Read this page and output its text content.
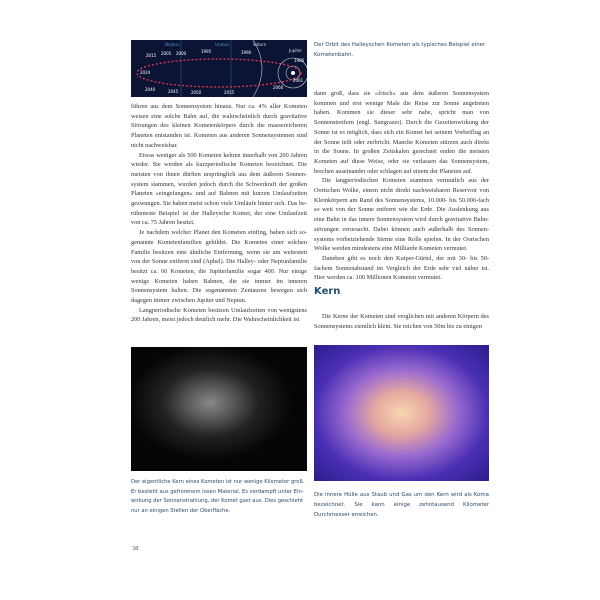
Neptun	Uranus	Saturn
Jupiter
2015 2005 2000	1995	1990
1986
2024
2040	2045	2050	2055
2060
2061
Der Orbit des Halleyschen Kometen als typisches Beispiel einer Kometenbahn.

führen aus dem Sonnensystem hinaus. Nur ca. 4% aller Kometen weisen eine solche Bahn auf, die wahrscheinlich durch gravitative Störungen des kleinen Kometenkörpers durch die massereicheren Planeten entstanden ist. Kometen aus anderen Sonnensystemen sind nicht nachweisbar.

Etwas weniger als 500 Kometen kehren innerhalb von 200 Jahren wieder. Sie werden als kurzperiodische Kometen bezeichnet. Die meisten von ihnen dürften ursprünglich aus dem äußeren Sonnensystem stammen, wurden jedoch durch die Schwerkraft der großen Planeten »eingefangen« und auf Bahnen mit kurzen Umlaufzeiten gezwungen. Sie haben meist schon viele Umläufe hinter sich. Das berühmteste Beispiel ist der Halleysche Komet, der eine Umlaufzeit von ca. 75 Jahren besitzt.

Je nachdem welcher Planet den Kometen einfing, haben sich sogenannte Kometenfamilien gebildet. Die Kometen einer solchen Familie besitzen eine ähnliche Entfernung, wenn sie am weitesten von der Sonne entfernt sind (Aphel). Die Halley- oder Neptunfamilie besitzt ca. 60 Kometen, die Jupiterfamilie sogar 400. Nur einige wenige Kometen haben Bahnen, die sie immer im inneren Sonnensystem halten. Die sogenannten Zentauren bewegen sich dagegen immer zwischen Jupiter und Neptun.

Langperiodische Kometen besitzen Umlaufzeiten von wenigstens 200 Jahren, meist jedoch deutlich mehr. Die Wahrscheinlichkeit ist

dann groß, dass sie »frisch« aus dem äußeren Sonnensystem kommen und erst wenige Male die Reise zur Sonne angetreten haben. Kommen sie dieser sehr nahe, spricht man von Sonnenstreifern (engl. Sungrazer). Durch die Gezeitenwirkung der Sonne ist es möglich, dass sich ein Komet bei seinem Vorbeiflug an der Sonne teilt oder zerbricht. Manche Kometen stürzen auch direkt in die Sonne. In großen Zeitskalen gerechnet enden die meisten Kometen auf diese Weise, oder sie verlassen das Sonnensystem, brechen auseinander oder schlagen auf einem der Planeten auf.

Die langperiodischen Kometen stammen vermutlich aus der Oortschen Wolke, einem nicht direkt nachweisbaren Reservoir von Kleinkörpern am Rand des Sonnensystems, 10.000- bis 50.000-fach so weit von der Sonne entfernt wie die Erde. Die Auslenkung aus eine Bahn in das innere Sonnensystem wird durch gravitative Bahnstörungen verursacht. Dabei können auch außerhalb des Sonnensystems vorbeiziehende Sterne eine Rolle spielen. In der Oortschen Wolke werden mindestens eine Milliarde Kometen vermutet.

Daneben gibt es noch den Kuiper-Gürtel, der mit 30- bis 50-fachem Sonnenabstand im Vergleich der Erde sehr viel näher ist. Hier werden ca. 100 Millionen Kometen vermutet.

Kern

Die Kerne der Kometen sind verglichen mit anderen Körpern des Sonnensystems ziemlich klein. Sie reichen von 50m bis zu einigen

Der eigentliche Kern eines Kometen ist nur wenige Kilometer groß. Er besteht aus gefrorenem losen Material. Es verdampft unter Einwirkung der Sonnenstrahlung, der Komet gast aus. Dies geschieht nur an einigen Stellen der Oberfläche.
Die innere Hülle aus Staub und Gas um den Kern wird als Koma bezeichnet. Sie kann einige zehntausend Kilometer Durchmesser erreichen.
38
